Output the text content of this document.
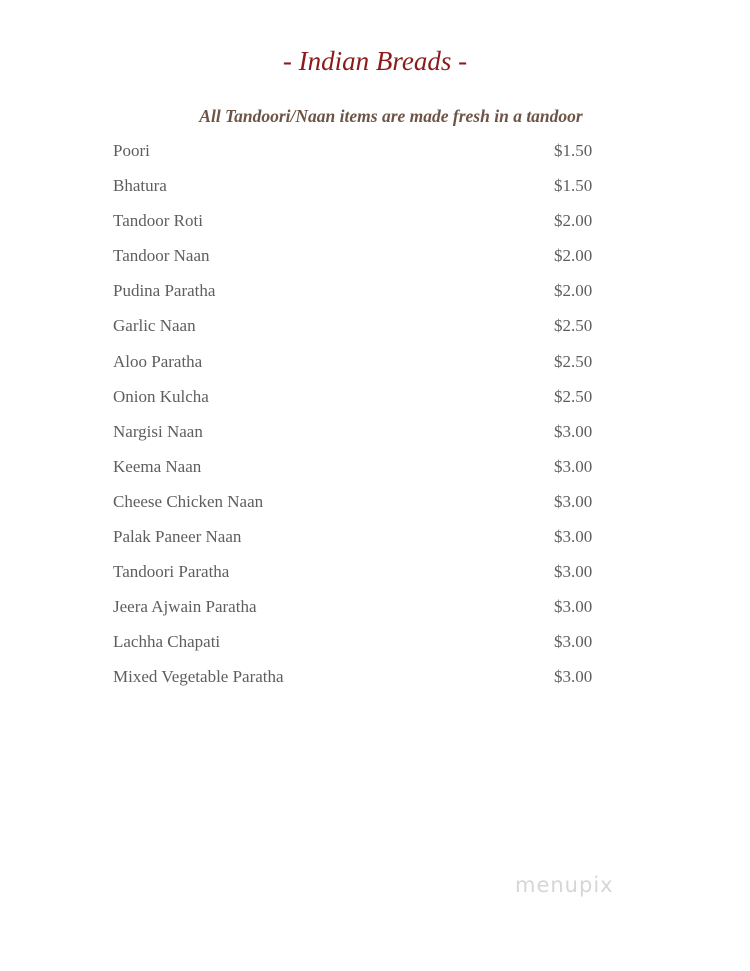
- Indian Breads -
All Tandoori/Naan items are made fresh in a tandoor
Poori	$1.50
Bhatura	$1.50
Tandoor Roti	$2.00
Tandoor Naan	$2.00
Pudina Paratha	$2.00
Garlic Naan	$2.50
Aloo Paratha	$2.50
Onion Kulcha	$2.50
Nargisi Naan	$3.00
Keema Naan	$3.00
Cheese Chicken Naan	$3.00
Palak Paneer Naan	$3.00
Tandoori Paratha	$3.00
Jeera Ajwain Paratha	$3.00
Lachha Chapati	$3.00
Mixed Vegetable Paratha	$3.00
menupix
